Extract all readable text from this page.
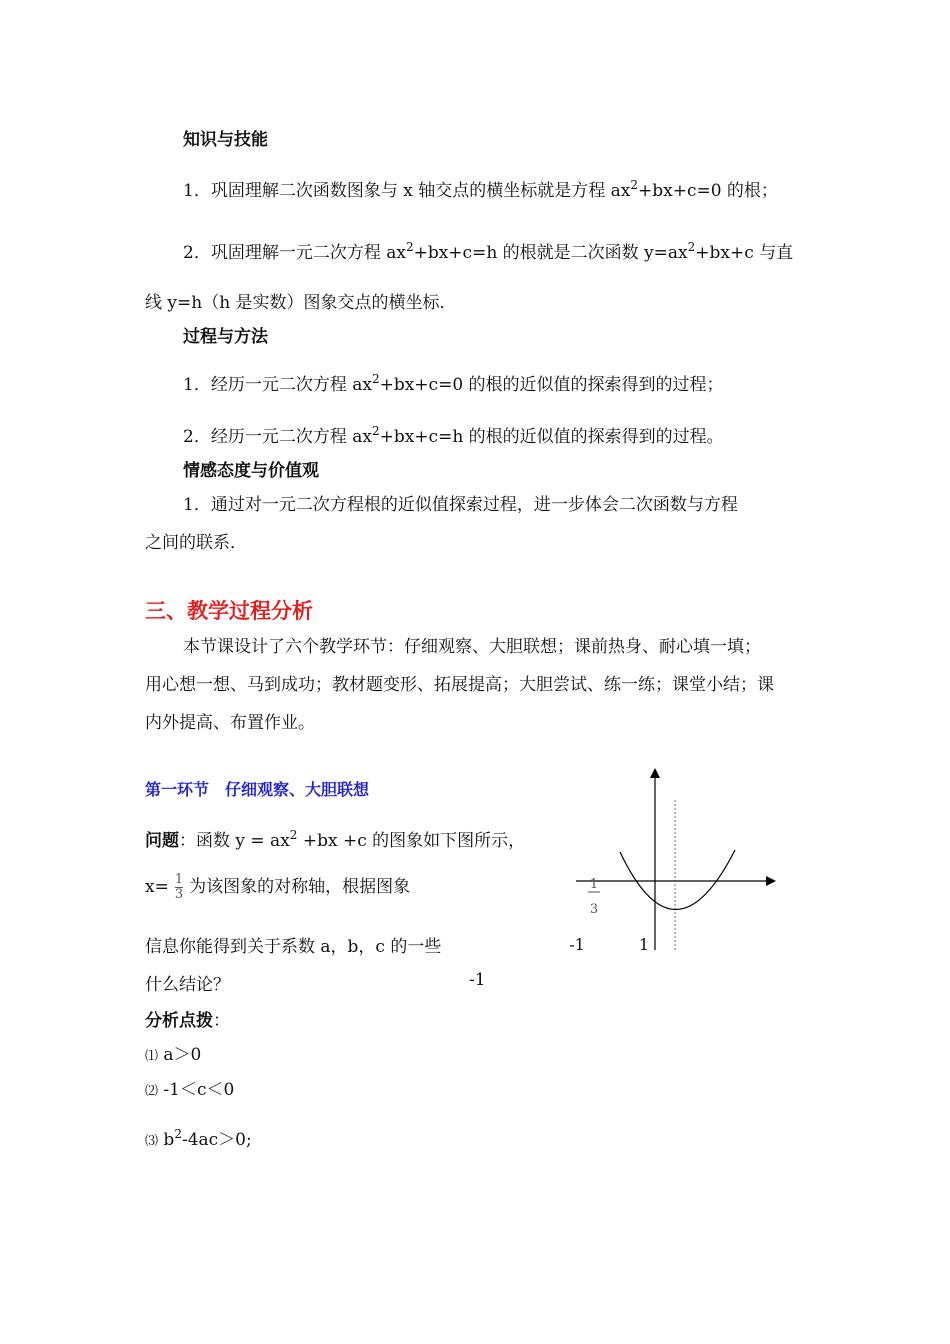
知识与技能
1．巩固理解二次函数图象与 x 轴交点的横坐标就是方程 $ax^2+bx+c=0$ 的根；
2．巩固理解一元二次方程 $ax^2+bx+c=h$ 的根就是二次函数 $y=ax^2+bx+c$ 与直
线 y=h（h 是实数）图象交点的横坐标．
过程与方法
1．经历一元二次方程 $ax^2+bx+c=0$ 的根的近似值的探索得到的过程；
2．经历一元二次方程 $ax^2+bx+c=h$ 的根的近似值的探索得到的过程。
情感态度与价值观
1．通过对一元二次方程根的近似值探索过程，进一步体会二次函数与方程
之间的联系．
三、教学过程分析
本节课设计了六个教学环节：仔细观察、大胆联想；课前热身、耐心填一填；
用心想一想、马到成功；教材题变形、拓展提高；大胆尝试、练一练；课堂小结；课
内外提高、布置作业。
第一环节　仔细观察、大胆联想
问题：函数 $y = ax^2 +bx +c$ 的图象如下图所示，
$x= \frac{1}{3}$ 为该图象的对称轴，根据图象
信息你能得到关于系数 a，b，c 的一些
什么结论？	-1
1
3
-1	1
分析点拨：
⑴ a＞0
⑵ -1＜c＜0
⑶ $b^2-4ac>0$;
